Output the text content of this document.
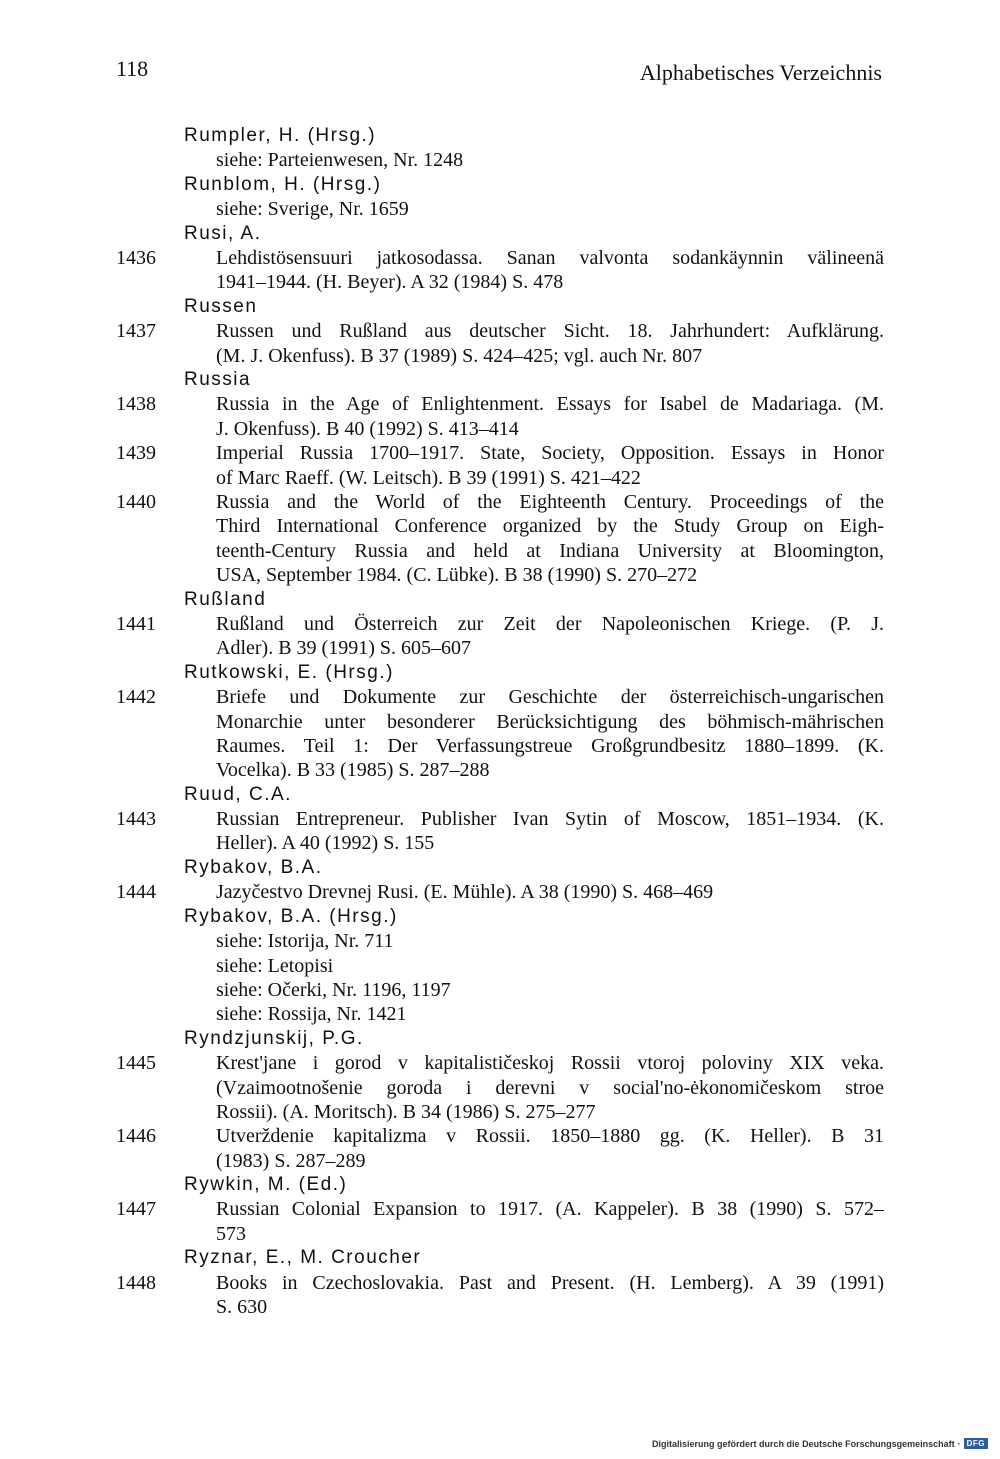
118	Alphabetisches Verzeichnis
Rumpler, H. (Hrsg.)
siehe: Parteienwesen, Nr. 1248
Runblom, H. (Hrsg.)
siehe: Sverige, Nr. 1659
Rusi, A.
1436	Lehdistösensuuri jatkosodassa. Sanan valvonta sodankäynnin välineenä
1941–1944. (H. Beyer). A 32 (1984) S. 478
Russen
1437	Russen und Rußland aus deutscher Sicht. 18. Jahrhundert: Aufklärung.
(M. J. Okenfuss). B 37 (1989) S. 424–425; vgl. auch Nr. 807
Russia
1438	Russia in the Age of Enlightenment. Essays for Isabel de Madariaga. (M.
J. Okenfuss). B 40 (1992) S. 413–414
1439	Imperial Russia 1700–1917. State, Society, Opposition. Essays in Honor
of Marc Raeff. (W. Leitsch). B 39 (1991) S. 421–422
1440	Russia and the World of the Eighteenth Century. Proceedings of the
Third International Conference organized by the Study Group on Eigh-
teenth-Century Russia and held at Indiana University at Bloomington,
USA, September 1984. (C. Lübke). B 38 (1990) S. 270–272
Rußland
1441	Rußland und Österreich zur Zeit der Napoleonischen Kriege. (P. J.
Adler). B 39 (1991) S. 605–607
Rutkowski, E. (Hrsg.)
1442	Briefe und Dokumente zur Geschichte der österreichisch-ungarischen
Monarchie unter besonderer Berücksichtigung des böhmisch-mährischen
Raumes. Teil 1: Der Verfassungstreue Großgrundbesitz 1880–1899. (K.
Vocelka). B 33 (1985) S. 287–288
Ruud, C.A.
1443	Russian Entrepreneur. Publisher Ivan Sytin of Moscow, 1851–1934. (K.
Heller). A 40 (1992) S. 155
Rybakov, B.A.
1444	Jazyčestvo Drevnej Rusi. (E. Mühle). A 38 (1990) S. 468–469
Rybakov, B.A. (Hrsg.)
siehe: Istorija, Nr. 711
siehe: Letopisi
siehe: Očerki, Nr. 1196, 1197
siehe: Rossija, Nr. 1421
Ryndzjunskij, P.G.
1445	Krest'jane i gorod v kapitalističeskoj Rossii vtoroj poloviny XIX veka.
(Vzaimootnošenie goroda i derevni v social'no-ėkonomičeskom stroe
Rossii). (A. Moritsch). B 34 (1986) S. 275–277
1446	Utverždenie kapitalizma v Rossii. 1850–1880 gg. (K. Heller). B 31
(1983) S. 287–289
Rywkin, M. (Ed.)
1447	Russian Colonial Expansion to 1917. (A. Kappeler). B 38 (1990) S. 572–
573
Ryznar, E., M. Croucher
1448	Books in Czechoslovakia. Past and Present. (H. Lemberg). A 39 (1991)
S. 630
Digitalisierung gefördert durch die Deutsche Forschungsgemeinschaft · DFG
